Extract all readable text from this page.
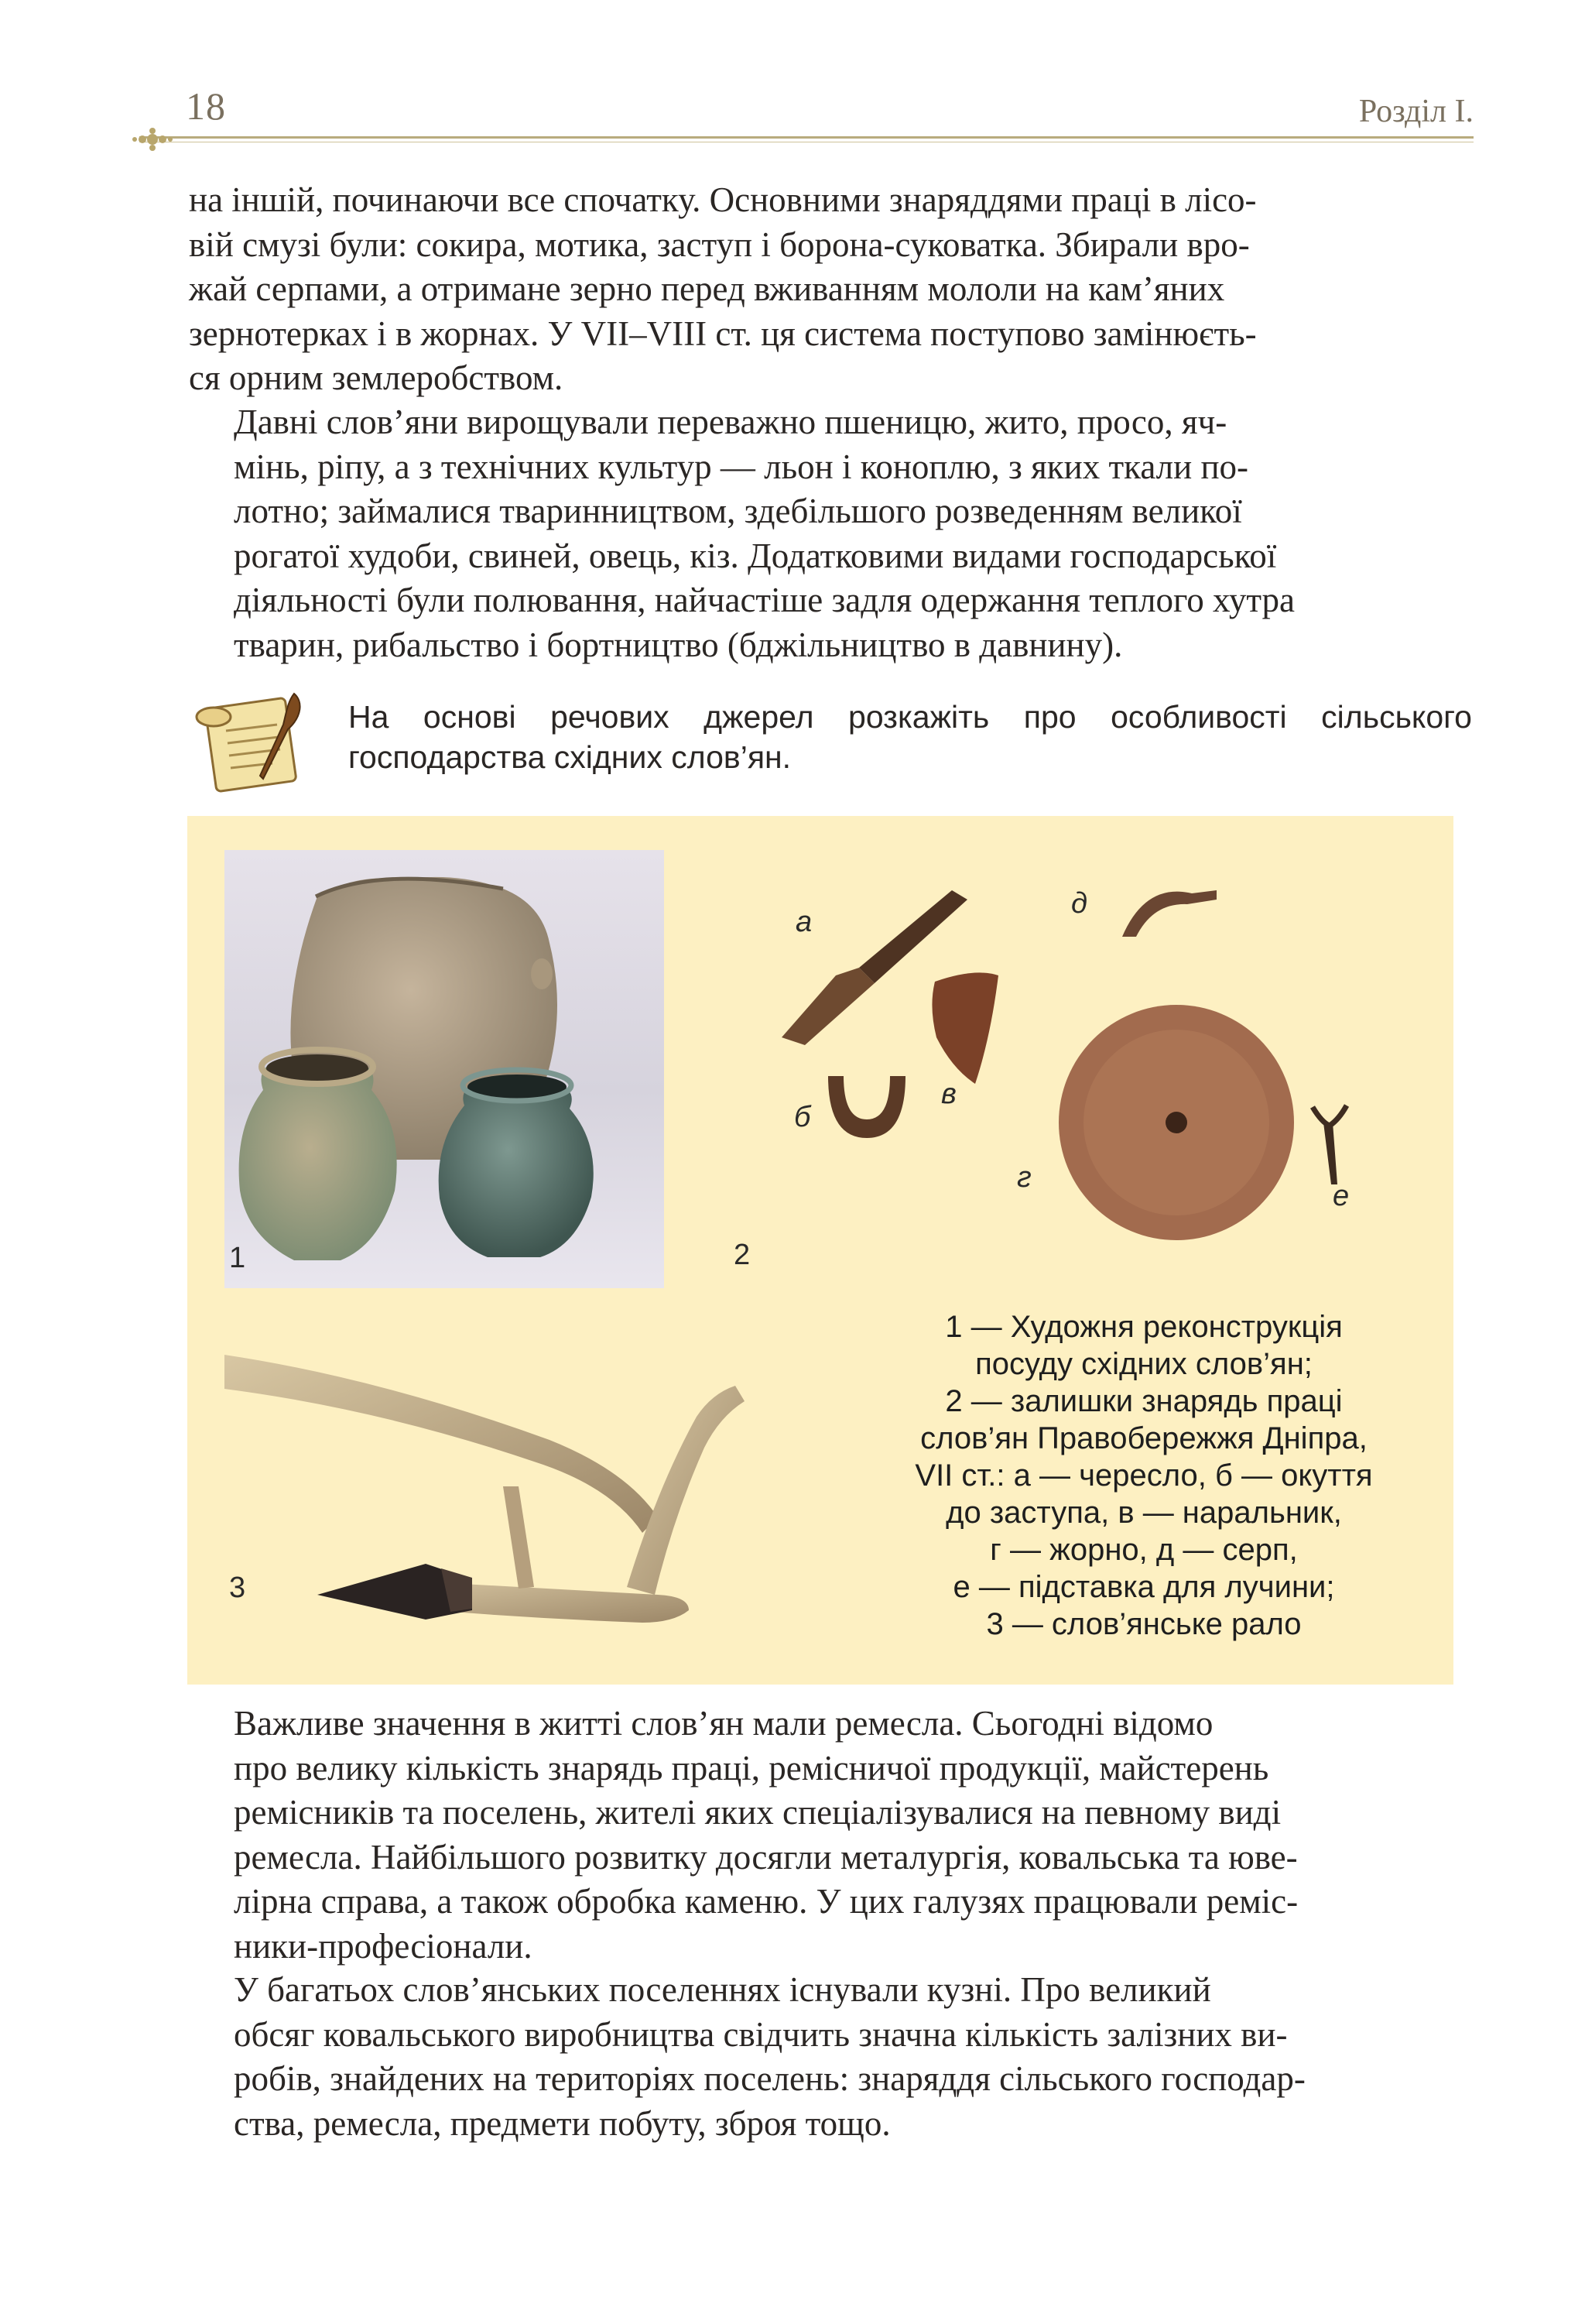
18	Розділ I.
на іншій, починаючи все спочатку. Основними знаряддями праці в лісо-
вій смузі були: сокира, мотика, заступ і борона-суковатка. Збирали вро-
жай серпами, а отримане зерно перед вживанням мололи на кам’яних
зернотерках і в жорнах. У VII–VIII ст. ця система поступово замінюєть-
ся орним землеробством.
Давні слов’яни вирощували переважно пшеницю, жито, просо, яч-
мінь, ріпу, а з технічних культур — льон і коноплю, з яких ткали по-
лотно; займалися тваринництвом, здебільшого розведенням великої
рогатої худоби, свиней, овець, кіз. Додатковими видами господарської
діяльності були полювання, найчастіше задля одержання теплого хутра
тварин, рибальство і бортництво (бджільництво в давнину).
На основі речових джерел розкажіть про особливості сільського господарства східних слов’ян.
1
а
б
в
г
д
е
2
3
1 — Художня реконструкція
посуду східних слов’ян;
2 — залишки знарядь праці
слов’ян Правобережжя Дніпра,
VII ст.: а — чересло, б — окуття
до заступа, в — наральник,
г — жорно, д — серп,
е — підставка для лучини;
3 — слов’янське рало
Важливе значення в житті слов’ян мали ремесла. Сьогодні відомо
про велику кількість знарядь праці, ремісничої продукції, майстерень
ремісників та поселень, жителі яких спеціалізувалися на певному виді
ремесла. Найбільшого розвитку досягли металургія, ковальська та юве-
лірна справа, а також обробка каменю. У цих галузях працювали реміс-
ники-професіонали.
У багатьох слов’янських поселеннях існували кузні. Про великий
обсяг ковальського виробництва свідчить значна кількість залізних ви-
робів, знайдених на територіях поселень: знаряддя сільського господар-
ства, ремесла, предмети побуту, зброя тощо.
